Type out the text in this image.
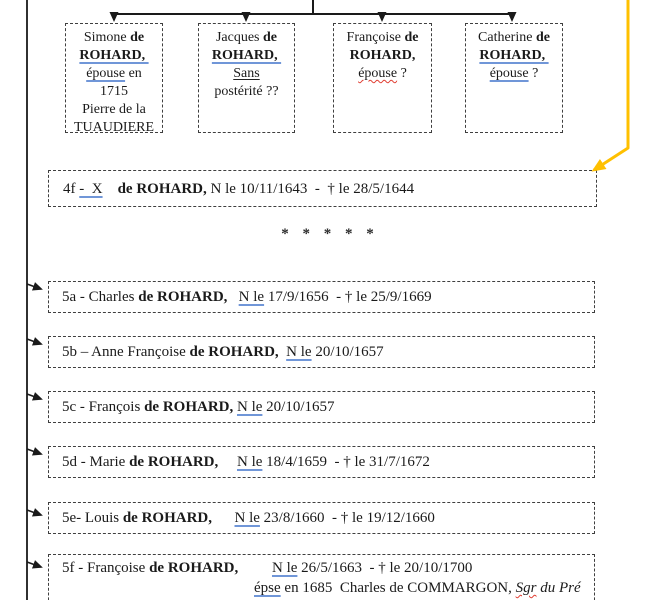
Simone de
ROHARD,
épouse en
1715
Pierre de la
TUAUDIERE
Jacques de
ROHARD,
Sans
postérité ??
Françoise de
ROHARD,
épouse ?
Catherine de
ROHARD,
épouse ?
4f -  X de ROHARD, N le 10/11/1643  -  † le 28/5/1644
* * * * *
5a - Charles de ROHARD, N le 17/9/1656  - † le 25/9/1669
5b – Anne Françoise de ROHARD, N le 20/10/1657
5c - François de ROHARD, N le 20/10/1657
5d - Marie de ROHARD, N le 18/4/1659  - † le 31/7/1672
5e- Louis de ROHARD, N le 23/8/1660  - † le 19/12/1660
5f - Françoise de ROHARD, N le 26/5/1663  - † le 20/10/1700
épse en 1685  Charles de COMMARGON, Sgr du Pré
